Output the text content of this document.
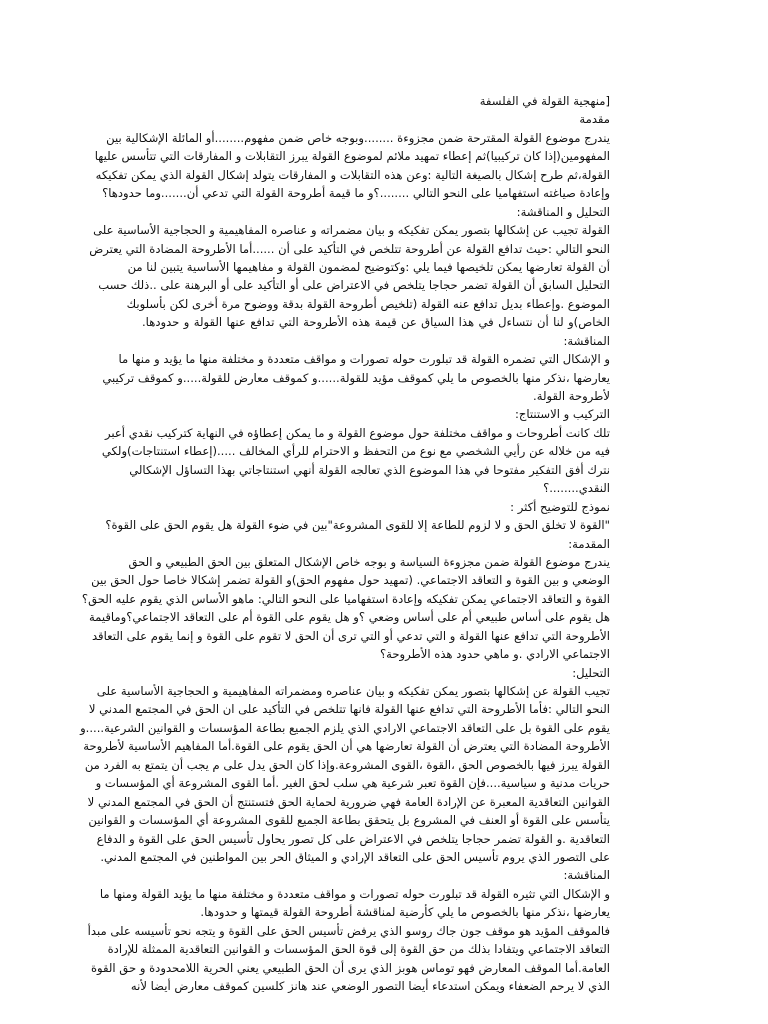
[منهجية القولة في الفلسفة
مقدمة
يندرج موضوع القولة المقترحة ضمن مجزوءة ........وبوجه خاص ضمن مفهوم........أو المائلة الإشكالية بين
المفهومين(إذا كان تركيبيا)ثم إعطاء تمهيد ملائم لموضوع القولة يبرز التقابلات و المفارقات التي تتأسس عليها
القولة،ثم طرح إشكال بالصيغة التالية :وعن هذه التقابلات و المفارقات يتولد إشكال القولة الذي يمكن تفكيكه
وإعادة صياغته استفهاميا على النحو التالي ........؟و ما قيمة أطروحة القولة التي تدعي أن.......وما حدودها؟
التحليل و المناقشة:
القولة تجيب عن إشكالها بتصور يمكن تفكيكه و بيان مضمراته و عناصره المفاهيمية و الحجاجية الأساسية على
النحو التالي :حيث تدافع القولة عن أطروحة تتلخص في التأكيد على أن ......أما الأطروحة المضادة التي يعترض
أن القولة تعارضها يمكن تلخيصها فيما يلي :وكتوضيح لمضمون القولة و مفاهيمها الأساسية يتبين لنا من
التحليل السابق أن القولة تضمر حجاجا يتلخص في الاعتراض على أو التأكيد على أو البرهنة على ..ذلك حسب
الموضوع .وإعطاء بديل تدافع عنه القولة (تلخيص أطروحة القولة بدقة ووضوح مرة أخرى لكن بأسلوبك
الخاص)و لنا أن نتساءل في هذا السياق عن قيمة هذه الأطروحة التي تدافع عنها القولة و حدودها.
المناقشة:
و الإشكال التي تضمره القولة قد تبلورت حوله تصورات و مواقف متعددة و مختلفة منها ما يؤيد و منها ما
يعارضها ،نذكر منها بالخصوص ما يلي كموقف مؤيد للقولة......و كموقف معارض للقولة.....و كموقف تركيبي
لأطروحة القولة.
التركيب و الاستنتاج:
تلك كانت أطروحات و مواقف مختلفة حول موضوع القولة و ما يمكن إعطاؤه في النهاية كتركيب نقدي أعبر
فيه من خلاله عن رأيي الشخصي مع نوع من التحفظ و الاحترام للرأي المخالف .....(إعطاء استنتاجات)ولكي
نترك أفق التفكير مفتوحا في هذا الموضوع الذي تعالجه القولة أنهي استنتاجاتي بهذا التساؤل الإشكالي
النقدي........؟
نموذج للتوضيح أكثر :
"القوة لا تخلق الحق و لا لزوم للطاعة إلا للقوى المشروعة"بين في ضوء القولة هل يقوم الحق على القوة؟
المقدمة:
يندرج موضوع القولة ضمن مجزوءة السياسة و بوجه خاص الإشكال المتعلق بين الحق الطبيعي و الحق
الوضعي و بين القوة و التعاقد الاجتماعي. (تمهيد حول مفهوم الحق)و القولة تضمر إشكالا خاصا حول الحق بين
القوة و التعاقد الاجتماعي يمكن تفكيكه وإعادة استفهاميا على النحو التالي: ماهو الأساس الذي يقوم عليه الحق؟
هل يقوم على أساس طبيعي أم على أساس وضعي ؟و هل يقوم على القوة أم على التعاقد الاجتماعي؟وماقيمة
الأطروحة التي تدافع عنها القولة و التي تدعي أو التي ترى أن الحق لا تقوم على القوة و إنما يقوم على التعاقد
الاجتماعي الارادي .و ماهي حدود هذه الأطروحة؟
التحليل:
تجيب القولة عن إشكالها بتصور يمكن تفكيكه و بيان عناصره ومضمراته المفاهيمية و الحجاجية الأساسية على
النحو التالي :فأما الأطروحة التي تدافع عنها القولة فانها تتلخص في التأكيد على ان الحق في المجتمع المدني لا
يقوم على القوة بل على التعاقد الاجتماعي الارادي الذي يلزم الجميع بطاعة المؤسسات و القوانين الشرعية.....و
الأطروحة المضادة التي يعترض أن القولة تعارضها هي أن الحق يقوم على القوة.أما المفاهيم الأساسية لأطروحة
القولة يبرز فيها بالخصوص الحق ،القوة ،القوى المشروعة.وإذا كان الحق يدل على م يجب أن يتمتع به الفرد من
حريات مدنية و سياسية....فإن القوة تعبر شرعية هي سلب لحق الغير .أما القوى المشروعة أي المؤسسات و
القوانين التعاقدية المعبرة عن الإرادة العامة فهي ضرورية لحماية الحق فتستنتج أن الحق في المجتمع المدني لا
يتأسس على القوة أو العنف في المشروع بل يتحقق بطاعة الجميع للقوى المشروعة أي المؤسسات و القوانين
التعاقدية .و القولة تضمر حجاجا يتلخص في الاعتراض على كل تصور يحاول تأسيس الحق على القوة و الدفاع
على التصور الذي يروم تأسيس الحق على التعاقد الإرادي و الميثاق الحر بين المواطنين في المجتمع المدني.
المناقشة:
و الإشكال التي تثيره القولة قد تبلورت حوله تصورات و مواقف متعددة و مختلفة منها ما يؤيد القولة ومنها ما
يعارضها ،نذكر منها بالخصوص ما يلي كأرضية لمناقشة أطروحة القولة قيمتها و حدودها.
فالموقف المؤيد هو موقف جون جاك روسو الذي يرفض تأسيس الحق على القوة و يتجه نحو تأسيسه على مبدأ
التعاقد الاجتماعي ويتفادا بذلك من حق القوة إلى قوة الحق المؤسسات و القوانين التعاقدية الممثلة للإرادة
العامة.أما الموقف المعارض فهو توماس هوبز الذي يرى أن الحق الطبيعي يعني الحرية اللامحدودة و حق القوة
الذي لا يرحم الضعفاء ويمكن استدعاء أيضا التصور الوضعي عند هانز كلسين كموقف معارض أيضا لأنه
